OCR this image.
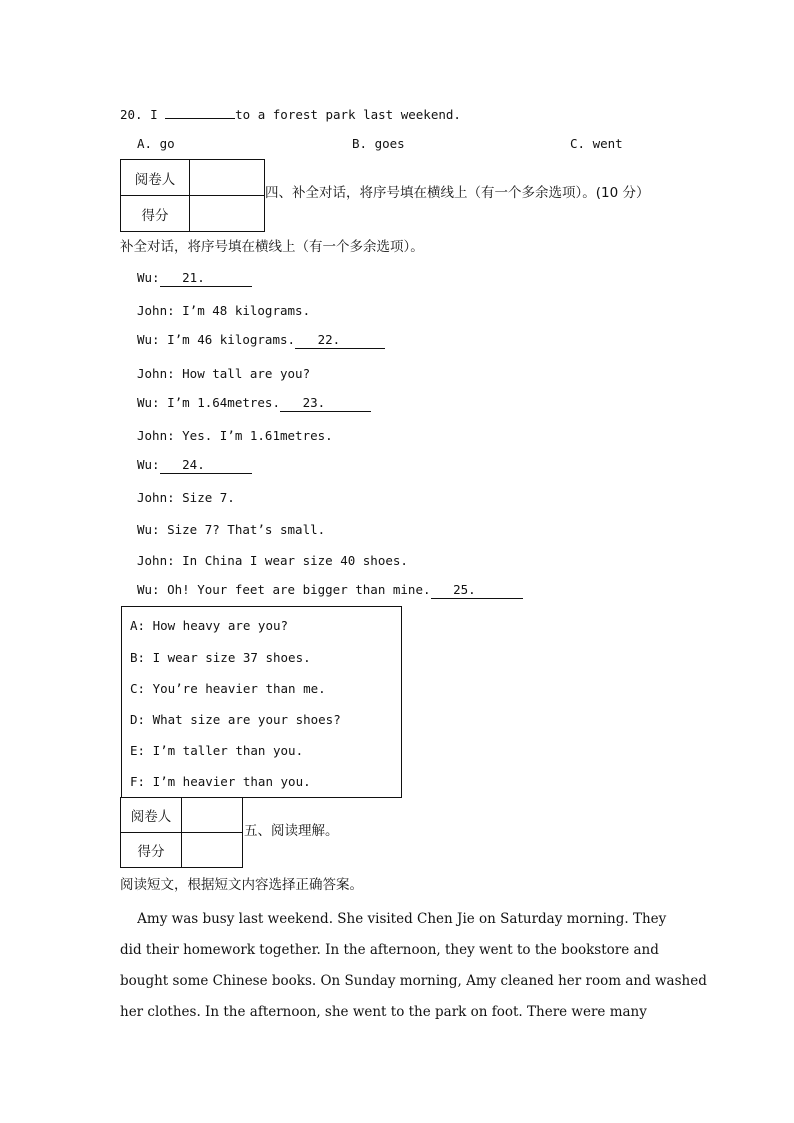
20. I	to a forest park last weekend.
A. go	B. goes	C. went
阅卷人	
得分	
四、补全对话，将序号填在横线上（有一个多余选项）。(10 分）
补全对话，将序号填在横线上（有一个多余选项）。
Wu: 21.
John: I’m 48 kilograms.
Wu: I’m 46 kilograms. 22.
John: How tall are you?
Wu: I’m 1.64metres. 23.
John: Yes. I’m 1.61metres.
Wu: 24.
John: Size 7.
Wu: Size 7? That’s small.
John: In China I wear size 40 shoes.
Wu: Oh! Your feet are bigger than mine. 25.
A: How heavy are you?
B: I wear size 37 shoes.
C: You’re heavier than me.
D: What size are your shoes?
E: I’m taller than you.
F: I’m heavier than you.
阅卷人	
得分	
五、阅读理解。
阅读短文，根据短文内容选择正确答案。
Amy was busy last weekend. She visited Chen Jie on Saturday morning. They
did their homework together. In the afternoon, they went to the bookstore and
bought some Chinese books. On Sunday morning, Amy cleaned her room and washed
her clothes. In the afternoon, she went to the park on foot. There were many
